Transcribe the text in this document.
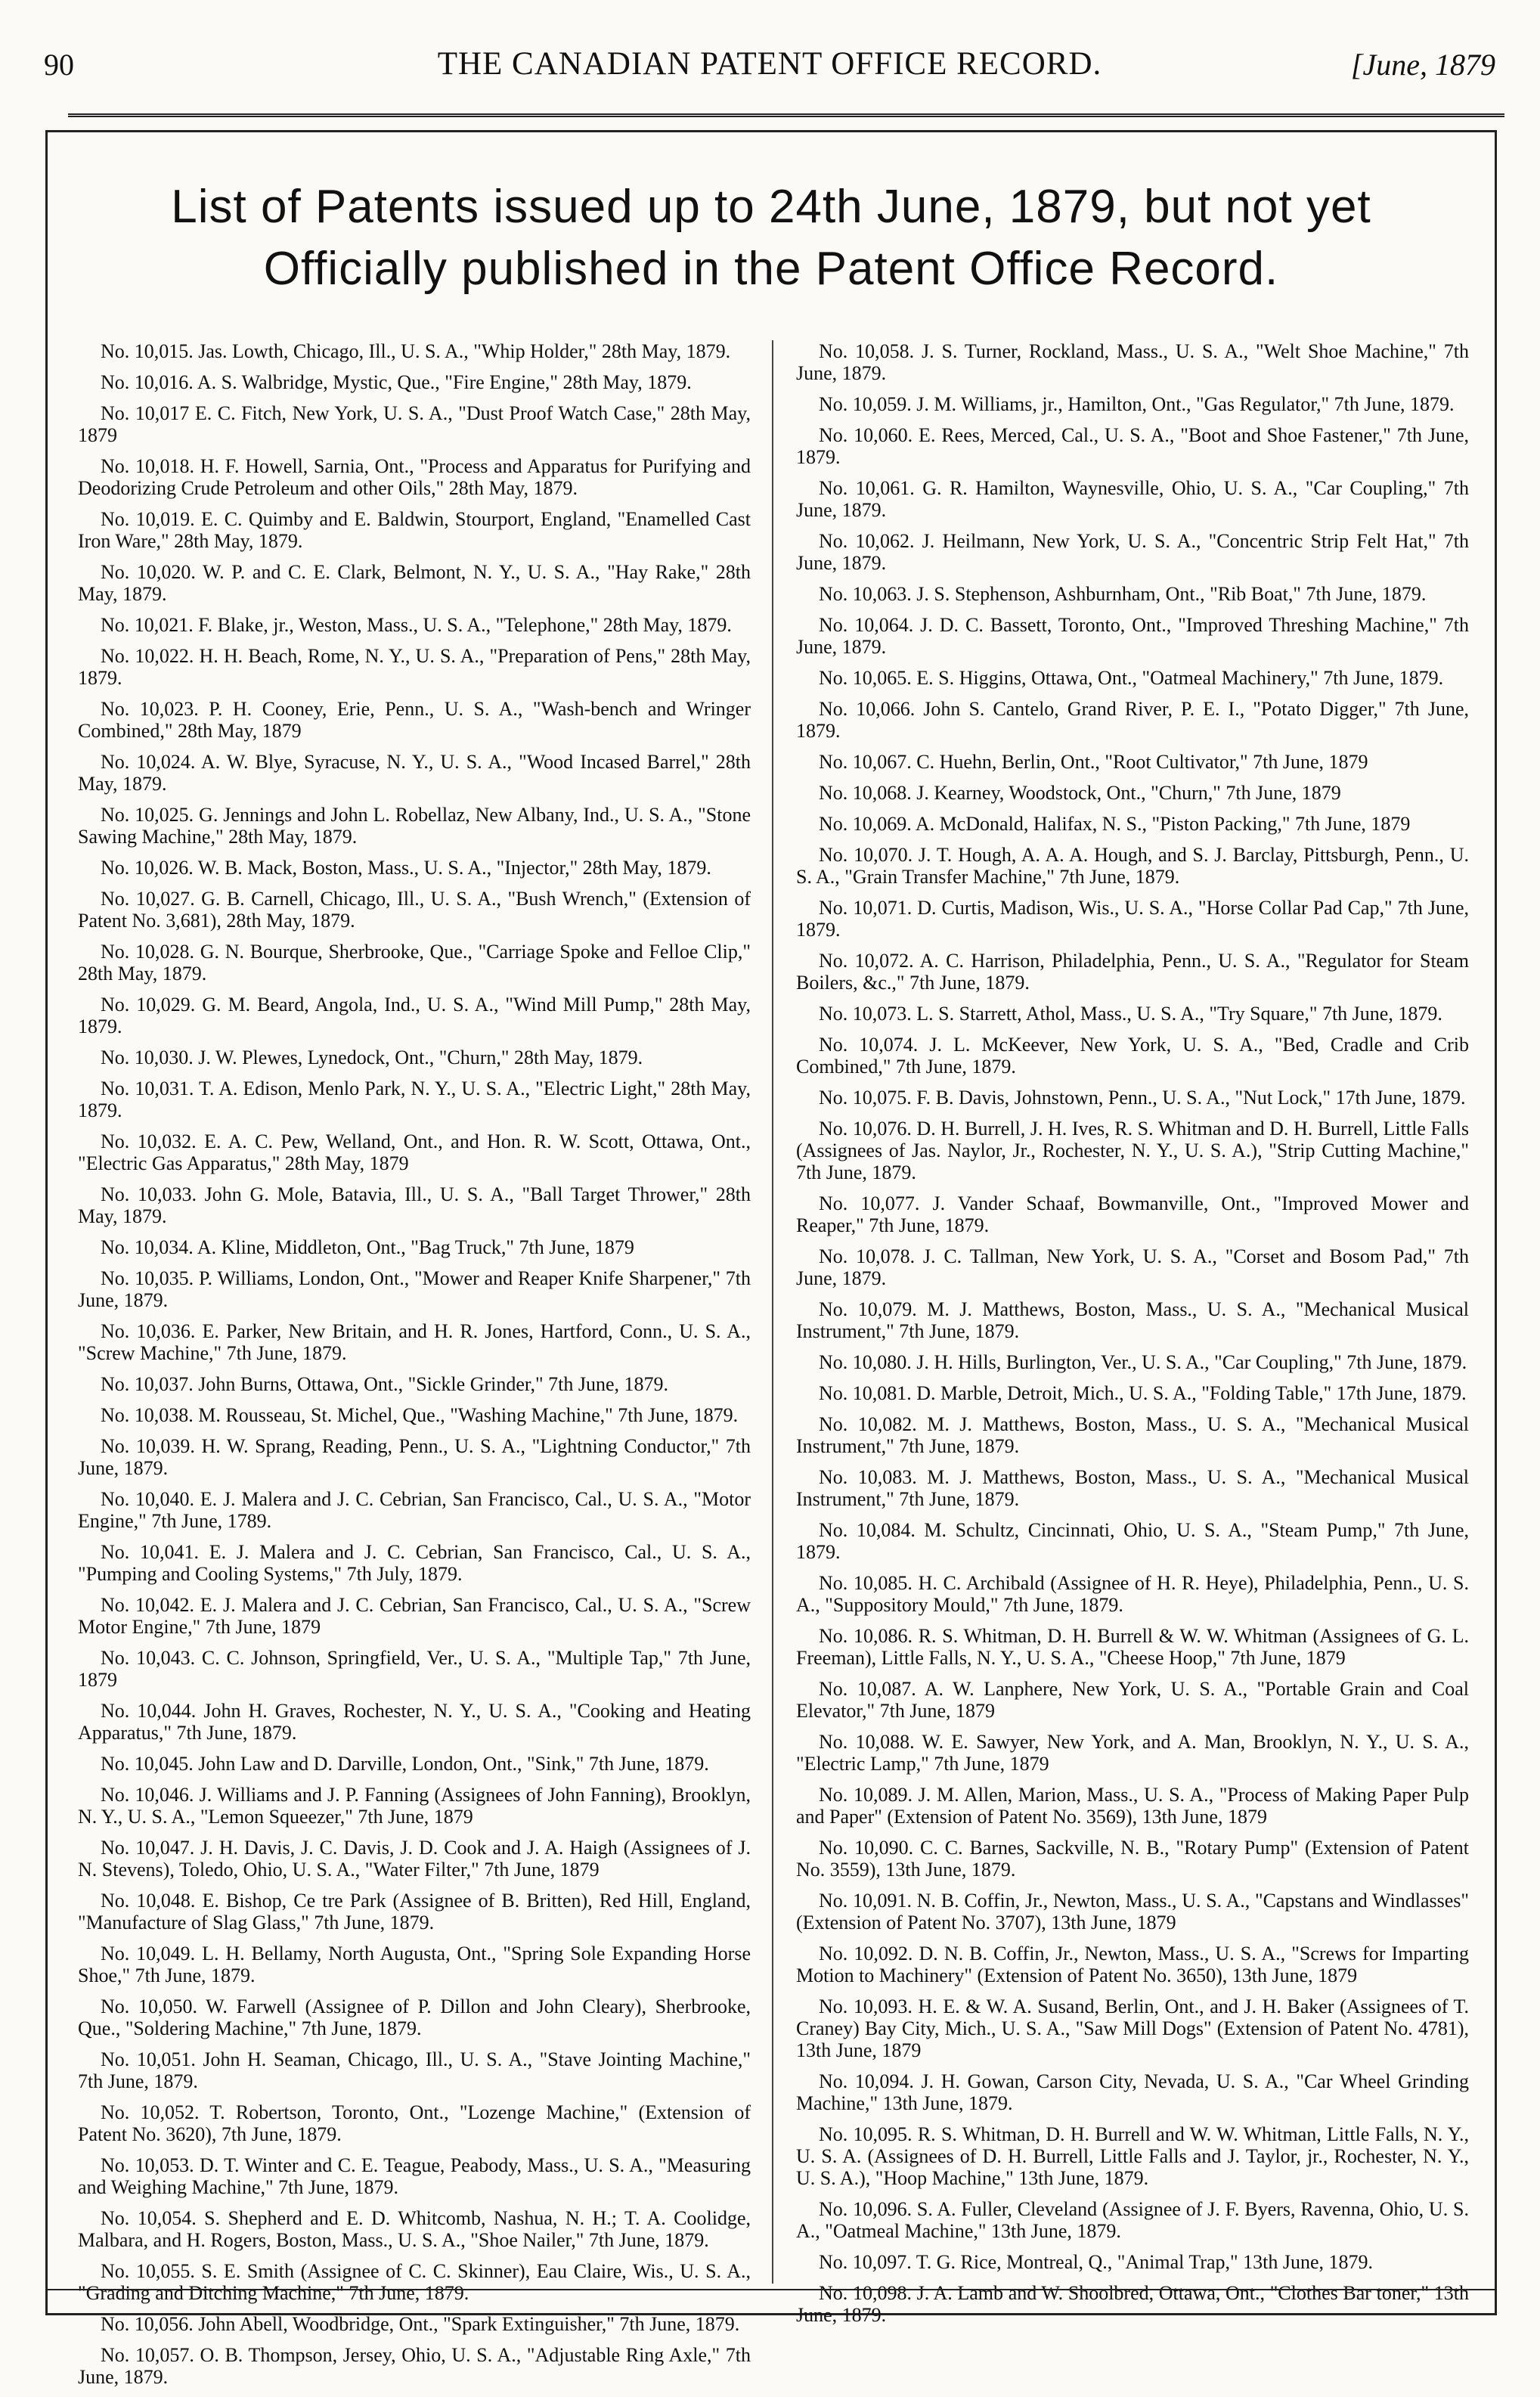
90	THE CANADIAN PATENT OFFICE RECORD.	[June, 1879
List of Patents issued up to 24th June, 1879, but not yet
Officially published in the Patent Office Record.

No. 10,015. Jas. Lowth, Chicago, Ill., U. S. A., "Whip Holder," 28th May, 1879.

No. 10,016. A. S. Walbridge, Mystic, Que., "Fire Engine," 28th May, 1879.

No. 10,017 E. C. Fitch, New York, U. S. A., "Dust Proof Watch Case," 28th May, 1879

No. 10,018. H. F. Howell, Sarnia, Ont., "Process and Apparatus for Purifying and Deodorizing Crude Petroleum and other Oils," 28th May, 1879.

No. 10,019. E. C. Quimby and E. Baldwin, Stourport, England, "Enamelled Cast Iron Ware," 28th May, 1879.

No. 10,020. W. P. and C. E. Clark, Belmont, N. Y., U. S. A., "Hay Rake," 28th May, 1879.

No. 10,021. F. Blake, jr., Weston, Mass., U. S. A., "Telephone," 28th May, 1879.

No. 10,022. H. H. Beach, Rome, N. Y., U. S. A., "Preparation of Pens," 28th May, 1879.

No. 10,023. P. H. Cooney, Erie, Penn., U. S. A., "Wash-bench and Wringer Combined," 28th May, 1879

No. 10,024. A. W. Blye, Syracuse, N. Y., U. S. A., "Wood Incased Barrel," 28th May, 1879.

No. 10,025. G. Jennings and John L. Robellaz, New Albany, Ind., U. S. A., "Stone Sawing Machine," 28th May, 1879.

No. 10,026. W. B. Mack, Boston, Mass., U. S. A., "Injector," 28th May, 1879.

No. 10,027. G. B. Carnell, Chicago, Ill., U. S. A., "Bush Wrench," (Extension of Patent No. 3,681), 28th May, 1879.

No. 10,028. G. N. Bourque, Sherbrooke, Que., "Carriage Spoke and Felloe Clip," 28th May, 1879.

No. 10,029. G. M. Beard, Angola, Ind., U. S. A., "Wind Mill Pump," 28th May, 1879.

No. 10,030. J. W. Plewes, Lynedock, Ont., "Churn," 28th May, 1879.

No. 10,031. T. A. Edison, Menlo Park, N. Y., U. S. A., "Electric Light," 28th May, 1879.

No. 10,032. E. A. C. Pew, Welland, Ont., and Hon. R. W. Scott, Ottawa, Ont., "Electric Gas Apparatus," 28th May, 1879

No. 10,033. John G. Mole, Batavia, Ill., U. S. A., "Ball Target Thrower," 28th May, 1879.

No. 10,034. A. Kline, Middleton, Ont., "Bag Truck," 7th June, 1879

No. 10,035. P. Williams, London, Ont., "Mower and Reaper Knife Sharpener," 7th June, 1879.

No. 10,036. E. Parker, New Britain, and H. R. Jones, Hartford, Conn., U. S. A., "Screw Machine," 7th June, 1879.

No. 10,037. John Burns, Ottawa, Ont., "Sickle Grinder," 7th June, 1879.

No. 10,038. M. Rousseau, St. Michel, Que., "Washing Machine," 7th June, 1879.

No. 10,039. H. W. Sprang, Reading, Penn., U. S. A., "Lightning Conductor," 7th June, 1879.

No. 10,040. E. J. Malera and J. C. Cebrian, San Francisco, Cal., U. S. A., "Motor Engine," 7th June, 1789.

No. 10,041. E. J. Malera and J. C. Cebrian, San Francisco, Cal., U. S. A., "Pumping and Cooling Systems," 7th July, 1879.

No. 10,042. E. J. Malera and J. C. Cebrian, San Francisco, Cal., U. S. A., "Screw Motor Engine," 7th June, 1879

No. 10,043. C. C. Johnson, Springfield, Ver., U. S. A., "Multiple Tap," 7th June, 1879

No. 10,044. John H. Graves, Rochester, N. Y., U. S. A., "Cooking and Heating Apparatus," 7th June, 1879.

No. 10,045. John Law and D. Darville, London, Ont., "Sink," 7th June, 1879.

No. 10,046. J. Williams and J. P. Fanning (Assignees of John Fanning), Brooklyn, N. Y., U. S. A., "Lemon Squeezer," 7th June, 1879

No. 10,047. J. H. Davis, J. C. Davis, J. D. Cook and J. A. Haigh (Assignees of J. N. Stevens), Toledo, Ohio, U. S. A., "Water Filter," 7th June, 1879

No. 10,048. E. Bishop, Ce tre Park (Assignee of B. Britten), Red Hill, England, "Manufacture of Slag Glass," 7th June, 1879.

No. 10,049. L. H. Bellamy, North Augusta, Ont., "Spring Sole Expanding Horse Shoe," 7th June, 1879.

No. 10,050. W. Farwell (Assignee of P. Dillon and John Cleary), Sherbrooke, Que., "Soldering Machine," 7th June, 1879.

No. 10,051. John H. Seaman, Chicago, Ill., U. S. A., "Stave Jointing Machine," 7th June, 1879.

No. 10,052. T. Robertson, Toronto, Ont., "Lozenge Machine," (Extension of Patent No. 3620), 7th June, 1879.

No. 10,053. D. T. Winter and C. E. Teague, Peabody, Mass., U. S. A., "Measuring and Weighing Machine," 7th June, 1879.

No. 10,054. S. Shepherd and E. D. Whitcomb, Nashua, N. H.; T. A. Coolidge, Malbara, and H. Rogers, Boston, Mass., U. S. A., "Shoe Nailer," 7th June, 1879.

No. 10,055. S. E. Smith (Assignee of C. C. Skinner), Eau Claire, Wis., U. S. A., "Grading and Ditching Machine," 7th June, 1879.

No. 10,056. John Abell, Woodbridge, Ont., "Spark Extinguisher," 7th June, 1879.

No. 10,057. O. B. Thompson, Jersey, Ohio, U. S. A., "Adjustable Ring Axle," 7th June, 1879.

No. 10,058. J. S. Turner, Rockland, Mass., U. S. A., "Welt Shoe Machine," 7th June, 1879.

No. 10,059. J. M. Williams, jr., Hamilton, Ont., "Gas Regulator," 7th June, 1879.

No. 10,060. E. Rees, Merced, Cal., U. S. A., "Boot and Shoe Fastener," 7th June, 1879.

No. 10,061. G. R. Hamilton, Waynesville, Ohio, U. S. A., "Car Coupling," 7th June, 1879.

No. 10,062. J. Heilmann, New York, U. S. A., "Concentric Strip Felt Hat," 7th June, 1879.

No. 10,063. J. S. Stephenson, Ashburnham, Ont., "Rib Boat," 7th June, 1879.

No. 10,064. J. D. C. Bassett, Toronto, Ont., "Improved Threshing Machine," 7th June, 1879.

No. 10,065. E. S. Higgins, Ottawa, Ont., "Oatmeal Machinery," 7th June, 1879.

No. 10,066. John S. Cantelo, Grand River, P. E. I., "Potato Digger," 7th June, 1879.

No. 10,067. C. Huehn, Berlin, Ont., "Root Cultivator," 7th June, 1879

No. 10,068. J. Kearney, Woodstock, Ont., "Churn," 7th June, 1879

No. 10,069. A. McDonald, Halifax, N. S., "Piston Packing," 7th June, 1879

No. 10,070. J. T. Hough, A. A. A. Hough, and S. J. Barclay, Pittsburgh, Penn., U. S. A., "Grain Transfer Machine," 7th June, 1879.

No. 10,071. D. Curtis, Madison, Wis., U. S. A., "Horse Collar Pad Cap," 7th June, 1879.

No. 10,072. A. C. Harrison, Philadelphia, Penn., U. S. A., "Regulator for Steam Boilers, &c.," 7th June, 1879.

No. 10,073. L. S. Starrett, Athol, Mass., U. S. A., "Try Square," 7th June, 1879.

No. 10,074. J. L. McKeever, New York, U. S. A., "Bed, Cradle and Crib Combined," 7th June, 1879.

No. 10,075. F. B. Davis, Johnstown, Penn., U. S. A., "Nut Lock," 17th June, 1879.

No. 10,076. D. H. Burrell, J. H. Ives, R. S. Whitman and D. H. Burrell, Little Falls (Assignees of Jas. Naylor, Jr., Rochester, N. Y., U. S. A.), "Strip Cutting Machine," 7th June, 1879.

No. 10,077. J. Vander Schaaf, Bowmanville, Ont., "Improved Mower and Reaper," 7th June, 1879.

No. 10,078. J. C. Tallman, New York, U. S. A., "Corset and Bosom Pad," 7th June, 1879.

No. 10,079. M. J. Matthews, Boston, Mass., U. S. A., "Mechanical Musical Instrument," 7th June, 1879.

No. 10,080. J. H. Hills, Burlington, Ver., U. S. A., "Car Coupling," 7th June, 1879.

No. 10,081. D. Marble, Detroit, Mich., U. S. A., "Folding Table," 17th June, 1879.

No. 10,082. M. J. Matthews, Boston, Mass., U. S. A., "Mechanical Musical Instrument," 7th June, 1879.

No. 10,083. M. J. Matthews, Boston, Mass., U. S. A., "Mechanical Musical Instrument," 7th June, 1879.

No. 10,084. M. Schultz, Cincinnati, Ohio, U. S. A., "Steam Pump," 7th June, 1879.

No. 10,085. H. C. Archibald (Assignee of H. R. Heye), Philadelphia, Penn., U. S. A., "Suppository Mould," 7th June, 1879.

No. 10,086. R. S. Whitman, D. H. Burrell & W. W. Whitman (Assignees of G. L. Freeman), Little Falls, N. Y., U. S. A., "Cheese Hoop," 7th June, 1879

No. 10,087. A. W. Lanphere, New York, U. S. A., "Portable Grain and Coal Elevator," 7th June, 1879

No. 10,088. W. E. Sawyer, New York, and A. Man, Brooklyn, N. Y., U. S. A., "Electric Lamp," 7th June, 1879

No. 10,089. J. M. Allen, Marion, Mass., U. S. A., "Process of Making Paper Pulp and Paper" (Extension of Patent No. 3569), 13th June, 1879

No. 10,090. C. C. Barnes, Sackville, N. B., "Rotary Pump" (Extension of Patent No. 3559), 13th June, 1879.

No. 10,091. N. B. Coffin, Jr., Newton, Mass., U. S. A., "Capstans and Windlasses" (Extension of Patent No. 3707), 13th June, 1879

No. 10,092. D. N. B. Coffin, Jr., Newton, Mass., U. S. A., "Screws for Imparting Motion to Machinery" (Extension of Patent No. 3650), 13th June, 1879

No. 10,093. H. E. & W. A. Susand, Berlin, Ont., and J. H. Baker (Assignees of T. Craney) Bay City, Mich., U. S. A., "Saw Mill Dogs" (Extension of Patent No. 4781), 13th June, 1879

No. 10,094. J. H. Gowan, Carson City, Nevada, U. S. A., "Car Wheel Grinding Machine," 13th June, 1879.

No. 10,095. R. S. Whitman, D. H. Burrell and W. W. Whitman, Little Falls, N. Y., U. S. A. (Assignees of D. H. Burrell, Little Falls and J. Taylor, jr., Rochester, N. Y., U. S. A.), "Hoop Machine," 13th June, 1879.

No. 10,096. S. A. Fuller, Cleveland (Assignee of J. F. Byers, Ravenna, Ohio, U. S. A., "Oatmeal Machine," 13th June, 1879.

No. 10,097. T. G. Rice, Montreal, Q., "Animal Trap," 13th June, 1879.

No. 10,098. J. A. Lamb and W. Shoolbred, Ottawa, Ont., "Clothes Bar toner," 13th June, 1879.
